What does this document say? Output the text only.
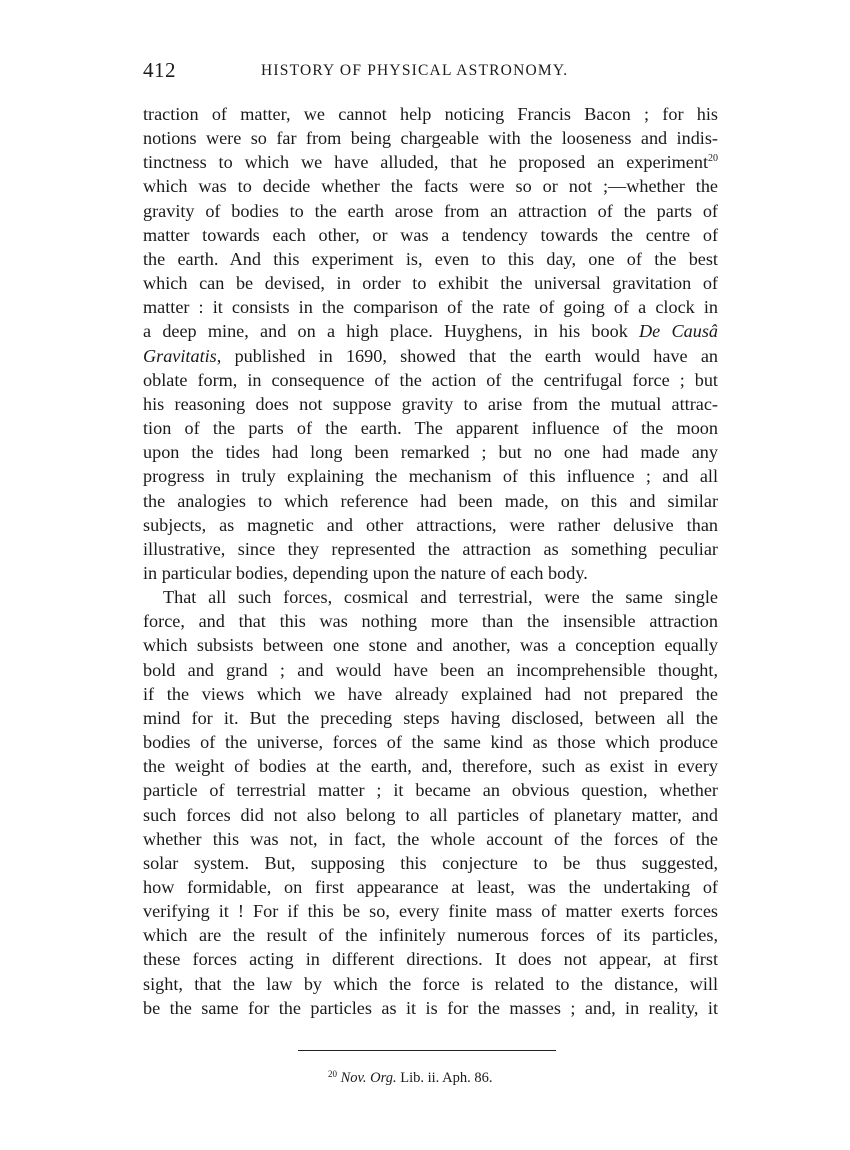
412	HISTORY OF PHYSICAL ASTRONOMY.
traction of matter, we cannot help noticing Francis Bacon ; for his
notions were so far from being chargeable with the looseness and indis-
tinctness to which we have alluded, that he proposed an experiment$^{20}$
which was to decide whether the facts were so or not ;—whether the
gravity of bodies to the earth arose from an attraction of the parts of
matter towards each other, or was a tendency towards the centre of
the earth. And this experiment is, even to this day, one of the best
which can be devised, in order to exhibit the universal gravitation of
matter : it consists in the comparison of the rate of going of a clock in
a deep mine, and on a high place. Huyghens, in his book De Causâ
Gravitatis, published in 1690, showed that the earth would have an
oblate form, in consequence of the action of the centrifugal force ; but
his reasoning does not suppose gravity to arise from the mutual attrac-
tion of the parts of the earth. The apparent influence of the moon
upon the tides had long been remarked ; but no one had made any
progress in truly explaining the mechanism of this influence ; and all
the analogies to which reference had been made, on this and similar
subjects, as magnetic and other attractions, were rather delusive than
illustrative, since they represented the attraction as something peculiar
in particular bodies, depending upon the nature of each body.
That all such forces, cosmical and terrestrial, were the same single
force, and that this was nothing more than the insensible attraction
which subsists between one stone and another, was a conception equally
bold and grand ; and would have been an incomprehensible thought,
if the views which we have already explained had not prepared the
mind for it. But the preceding steps having disclosed, between all the
bodies of the universe, forces of the same kind as those which produce
the weight of bodies at the earth, and, therefore, such as exist in every
particle of terrestrial matter ; it became an obvious question, whether
such forces did not also belong to all particles of planetary matter, and
whether this was not, in fact, the whole account of the forces of the
solar system. But, supposing this conjecture to be thus suggested,
how formidable, on first appearance at least, was the undertaking of
verifying it ! For if this be so, every finite mass of matter exerts forces
which are the result of the infinitely numerous forces of its particles,
these forces acting in different directions. It does not appear, at first
sight, that the law by which the force is related to the distance, will
be the same for the particles as it is for the masses ; and, in reality, it
$^{20}$ Nov. Org. Lib. ii. Aph. 86.
